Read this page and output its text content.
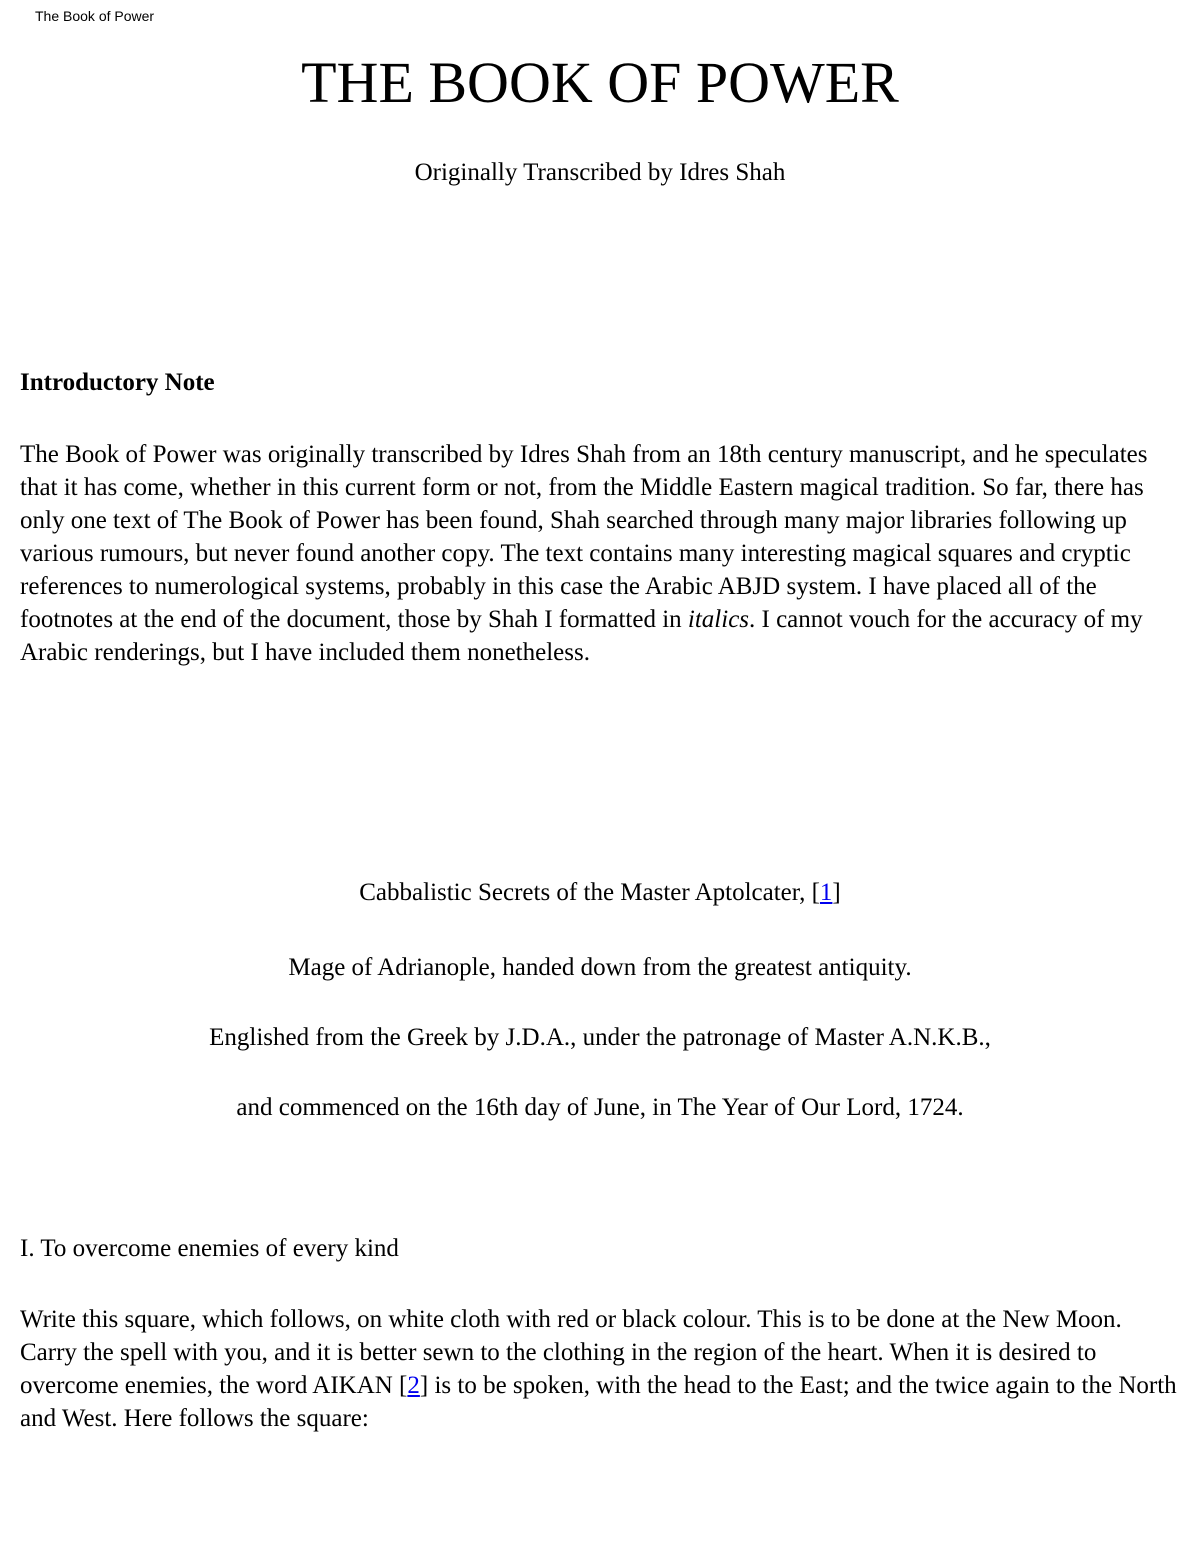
The Book of Power
THE BOOK OF POWER
Originally Transcribed by Idres Shah
Introductory Note

The Book of Power was originally transcribed by Idres Shah from an 18th century manuscript, and he speculates that it has come, whether in this current form or not, from the Middle Eastern magical tradition. So far, there has only one text of The Book of Power has been found, Shah searched through many major libraries following up various rumours, but never found another copy. The text contains many interesting magical squares and cryptic references to numerological systems, probably in this case the Arabic ABJD system. I have placed all of the footnotes at the end of the document, those by Shah I formatted in italics. I cannot vouch for the accuracy of my Arabic renderings, but I have included them nonetheless.

Cabbalistic Secrets of the Master Aptolcater, [1]
Mage of Adrianople, handed down from the greatest antiquity.
Englished from the Greek by J.D.A., under the patronage of Master A.N.K.B.,
and commenced on the 16th day of June, in The Year of Our Lord, 1724.
I. To overcome enemies of every kind

Write this square, which follows, on white cloth with red or black colour. This is to be done at the New Moon. Carry the spell with you, and it is better sewn to the clothing in the region of the heart. When it is desired to overcome enemies, the word AIKAN [2] is to be spoken, with the head to the East; and the twice again to the North and West. Here follows the square:
